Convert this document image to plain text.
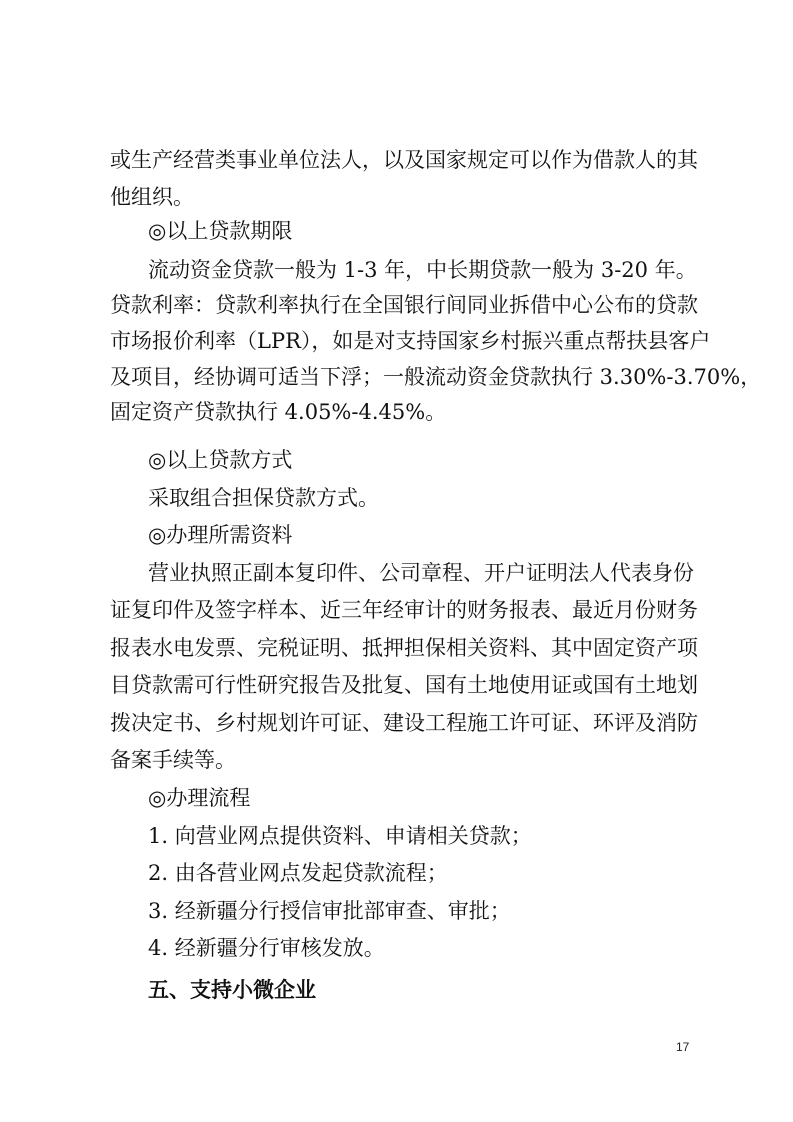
或生产经营类事业单位法人，以及国家规定可以作为借款人的其
他组织。
◎以上贷款期限
流动资金贷款一般为 1-3 年，中长期贷款一般为 3-20 年。
贷款利率：贷款利率执行在全国银行间同业拆借中心公布的贷款
市场报价利率（LPR），如是对支持国家乡村振兴重点帮扶县客户
及项目，经协调可适当下浮；一般流动资金贷款执行 3.30%-3.70%，
固定资产贷款执行 4.05%-4.45%。
◎以上贷款方式
采取组合担保贷款方式。
◎办理所需资料
营业执照正副本复印件、公司章程、开户证明法人代表身份
证复印件及签字样本、近三年经审计的财务报表、最近月份财务
报表水电发票、完税证明、抵押担保相关资料、其中固定资产项
目贷款需可行性研究报告及批复、国有土地使用证或国有土地划
拨决定书、乡村规划许可证、建设工程施工许可证、环评及消防
备案手续等。
◎办理流程
1. 向营业网点提供资料、申请相关贷款；
2. 由各营业网点发起贷款流程；
3. 经新疆分行授信审批部审查、审批；
4. 经新疆分行审核发放。
五、支持小微企业
17
